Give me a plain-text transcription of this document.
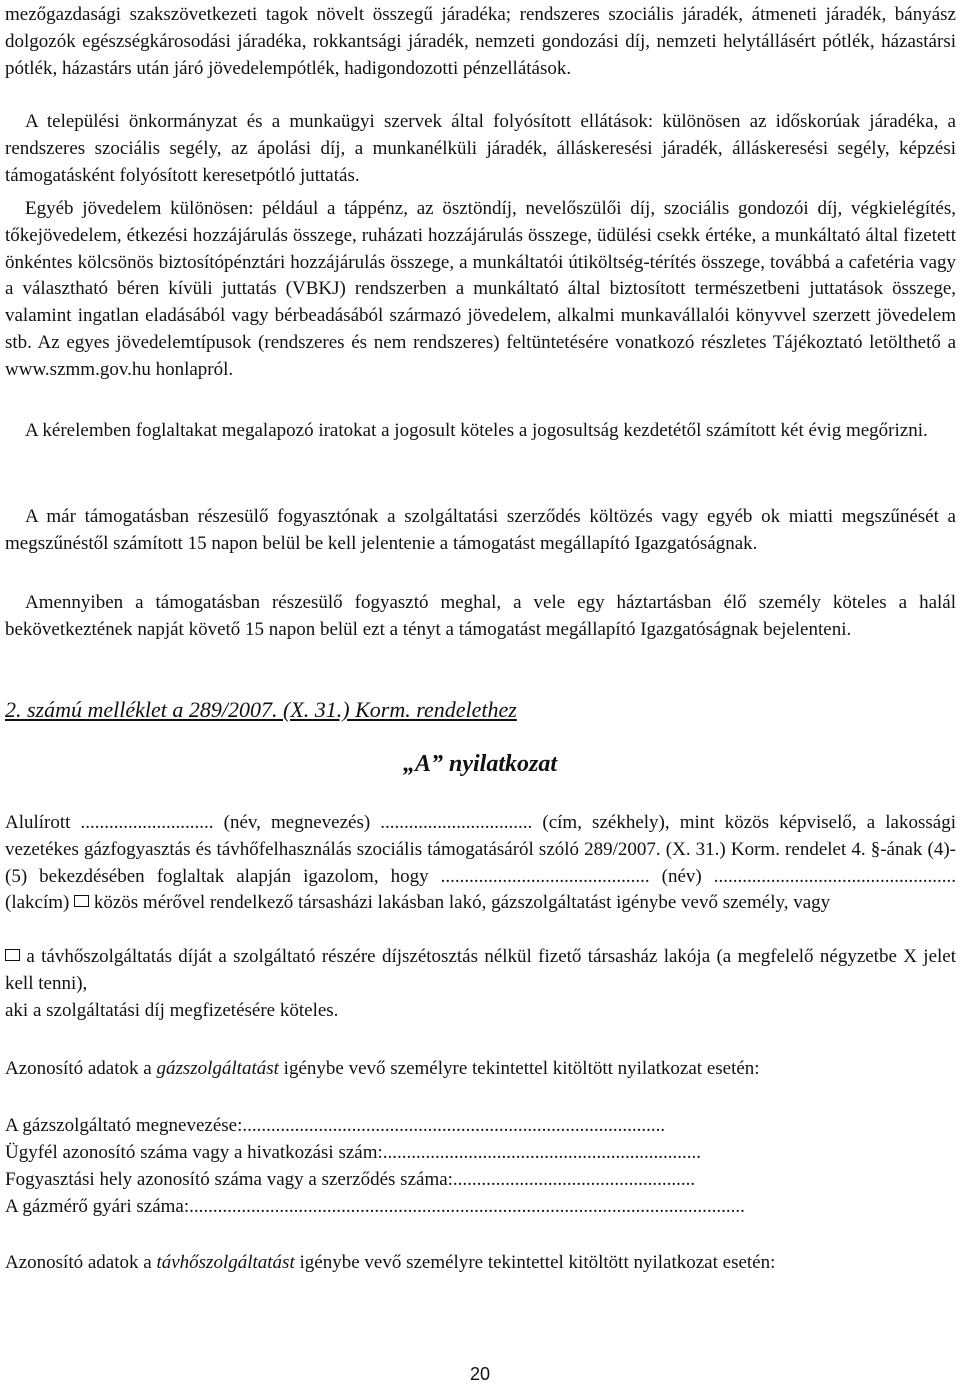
mezőgazdasági szakszövetkezeti tagok növelt összegű járadéka; rendszeres szociális járadék, átmeneti járadék, bányász dolgozók egészségkárosodási járadéka, rokkantsági járadék, nemzeti gondozási díj, nemzeti helytállásért pótlék, házastársi pótlék, házastárs után járó jövedelempótlék, hadigondozotti pénzellátások.

A települési önkormányzat és a munkaügyi szervek által folyósított ellátások: különösen az időskorúak járadéka, a rendszeres szociális segély, az ápolási díj, a munkanélküli járadék, álláskeresési járadék, álláskeresési segély, képzési támogatásként folyósított keresetpótló juttatás.

Egyéb jövedelem különösen: például a táppénz, az ösztöndíj, nevelőszülői díj, szociális gondozói díj, végkielégítés, tőkejövedelem, étkezési hozzájárulás összege, ruházati hozzájárulás összege, üdülési csekk értéke, a munkáltató által fizetett önkéntes kölcsönös biztosítópénztári hozzájárulás összege, a munkáltatói útiköltség-térítés összege, továbbá a cafetéria vagy a választható béren kívüli juttatás (VBKJ) rendszerben a munkáltató által biztosított természetbeni juttatások összege, valamint ingatlan eladásából vagy bérbeadásából származó jövedelem, alkalmi munkavállalói könyvvel szerzett jövedelem stb. Az egyes jövedelemtípusok (rendszeres és nem rendszeres) feltüntetésére vonatkozó részletes Tájékoztató letölthető a www.szmm.gov.hu honlapról.

A kérelemben foglaltakat megalapozó iratokat a jogosult köteles a jogosultság kezdetétől számított két évig megőrizni.

A már támogatásban részesülő fogyasztónak a szolgáltatási szerződés költözés vagy egyéb ok miatti megszűnését a megszűnéstől számított 15 napon belül be kell jelentenie a támogatást megállapító Igazgatóságnak.

Amennyiben a támogatásban részesülő fogyasztó meghal, a vele egy háztartásban élő személy köteles a halál bekövetkeztének napját követő 15 napon belül ezt a tényt a támogatást megállapító Igazgatóságnak bejelenteni.

2. számú melléklet a 289/2007. (X. 31.) Korm. rendelethez

„A” nyilatkozat

Alulírott ............................ (név, megnevezés) ................................ (cím, székhely), mint közös képviselő, a lakossági vezetékes gázfogyasztás és távhőfelhasználás szociális támogatásáról szóló 289/2007. (X. 31.) Korm. rendelet 4. §-ának (4)-(5) bekezdésében foglaltak alapján igazolom, hogy ............................................ (név) ................................................... (lakcím) közös mérővel rendelkező társasházi lakásban lakó, gázszolgáltatást igénybe vevő személy, vagy

a távhőszolgáltatás díját a szolgáltató részére díjszétosztás nélkül fizető társasház lakója (a megfelelő négyzetbe X jelet kell tenni),

aki a szolgáltatási díj megfizetésére köteles.

Azonosító adatok a gázszolgáltatást igénybe vevő személyre tekintettel kitöltött nyilatkozat esetén:

A gázszolgáltató megnevezése:.........................................................................................

Ügyfél azonosító száma vagy a hivatkozási szám:...................................................................

Fogyasztási hely azonosító száma vagy a szerződés száma:...................................................

A gázmérő gyári száma:.....................................................................................................................

Azonosító adatok a távhőszolgáltatást igénybe vevő személyre tekintettel kitöltött nyilatkozat esetén:

20
